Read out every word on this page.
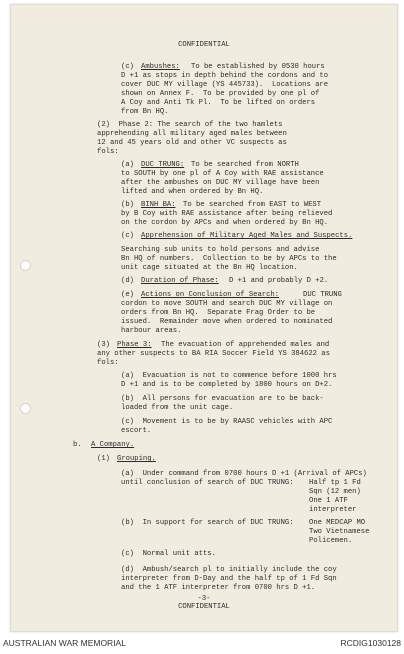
CONFIDENTIAL

(c) Ambushes: To be established by 0530 hours

D +1 as stops in depth behind the cordons and to

cover DUC MY village (YS 445733).  Locations are

shown on Annex F.  To be provided by one pl of

A Coy and Anti Tk Pl.  To be lifted on orders

from Bn HQ.

(2)  Phase 2: The search of the two hamlets

apprehending all military aged males between

12 and 45 years old and other VC suspects as

fols:

(a) DUC TRUNG: To be searched from NORTH

to SOUTH by one pl of A Coy with RAE assistance

after the ambushes on DUC MY village have been

lifted and when ordered by Bn HQ.

(b) BINH BA: To be searched from EAST to WEST

by B Coy with RAE assistance after being relieved

on the cordon by APCs and when ordered by Bn HQ.

(c) Apprehension of Military Aged Males and Suspects.

Searching sub units to hold persons and advise

Bn HQ of numbers.  Collection to be by APCs to the

unit cage situated at the Bn HQ location.

(d) Duration of Phase: D +1 and probably D +2.

(e) Actions on Conclusion of Search:	DUC TRUNG

cordon to move SOUTH and search DUC MY village on

orders from Bn HQ.  Separate Frag Order to be

issued.  Remainder move when ordered to nominated

harbour areas.

(3) Phase 3: The evacuation of apprehended males and

any other suspects to BA RIA Soccer Field YS 384622 as

fols:

(a)  Evacuation is not to commence before 1000 hrs

D +1 and is to be completed by 1800 hours on D+2.

(b)  All persons for evacuation are to be back-

loaded from the unit cage.

(c)  Movement is to be by RAASC vehicles with APC

escort.

b. A Company.

(1) Grouping.

(a)  Under command from 0700 hours D +1 (Arrival of APCs)

until conclusion of search of DUC TRUNG: Half tp 1 Fd

Sqn (12 men)

One 1 ATF

interpreter

(b)  In support for search of DUC TRUNG: One MEDCAP MO

Two Vietnamese

Policemen.

(c)  Normal unit atts.

(d)  Ambush/search pl to initially include the coy

interpreter from D-Day and the half tp of 1 Fd Sqn

and the 1 ATF interpreter from 0700 hrs D +1.

-3-

CONFIDENTIAL

AUSTRALIAN WAR MEMORIAL	RCDIG1030128
